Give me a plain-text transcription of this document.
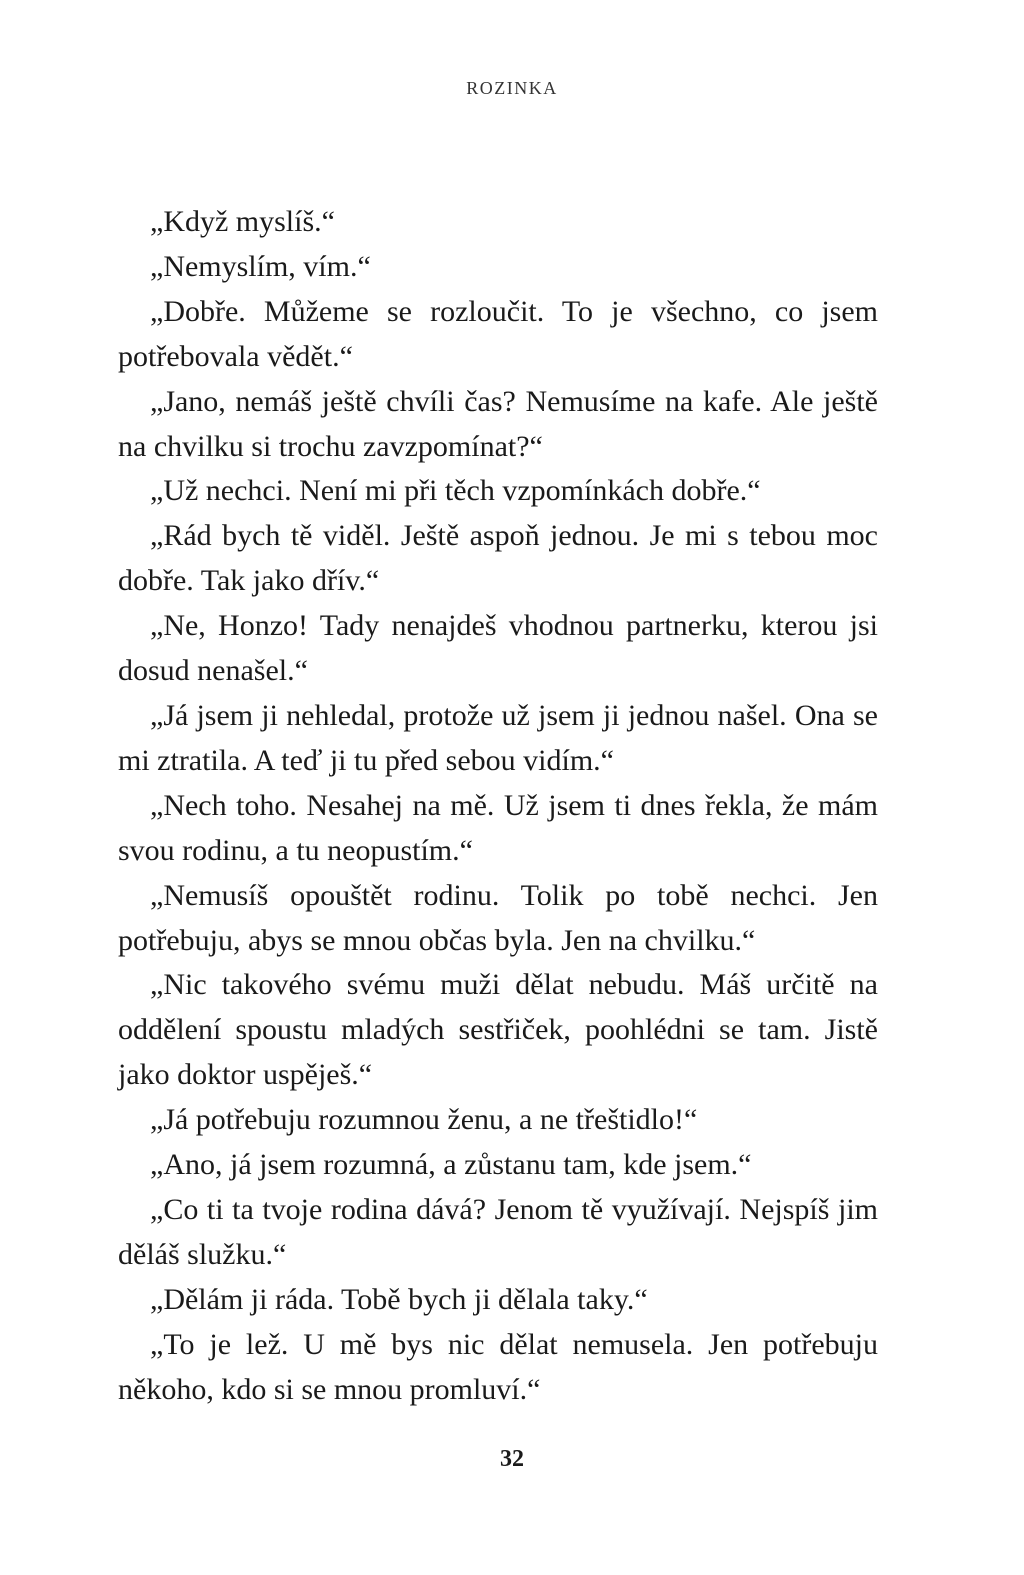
ROZINKA

„Když myslíš.“

„Nemyslím, vím.“

„Dobře. Můžeme se rozloučit. To je všechno, co jsem potřebovala vědět.“

„Jano, nemáš ještě chvíli čas? Nemusíme na kafe. Ale ještě na chvilku si trochu zavzpomínat?“

„Už nechci. Není mi při těch vzpomínkách dobře.“

„Rád bych tě viděl. Ještě aspoň jednou. Je mi s tebou moc dobře. Tak jako dřív.“

„Ne, Honzo! Tady nenajdeš vhodnou partnerku, kterou jsi dosud nenašel.“

„Já jsem ji nehledal, protože už jsem ji jednou našel. Ona se mi ztratila. A teď ji tu před sebou vidím.“

„Nech toho. Nesahej na mě. Už jsem ti dnes řekla, že mám svou rodinu, a tu neopustím.“

„Nemusíš opouštět rodinu. Tolik po tobě nechci. Jen potřebuju, abys se mnou občas byla. Jen na chvilku.“

„Nic takového svému muži dělat nebudu. Máš určitě na oddělení spoustu mladých sestřiček, poohlédni se tam. Jistě jako doktor uspěješ.“

„Já potřebuju rozumnou ženu, a ne třeštidlo!“

„Ano, já jsem rozumná, a zůstanu tam, kde jsem.“

„Co ti ta tvoje rodina dává? Jenom tě využívají. Nejspíš jim děláš služku.“

„Dělám ji ráda. Tobě bych ji dělala taky.“

„To je lež. U mě bys nic dělat nemusela. Jen potřebuju někoho, kdo si se mnou promluví.“

32
